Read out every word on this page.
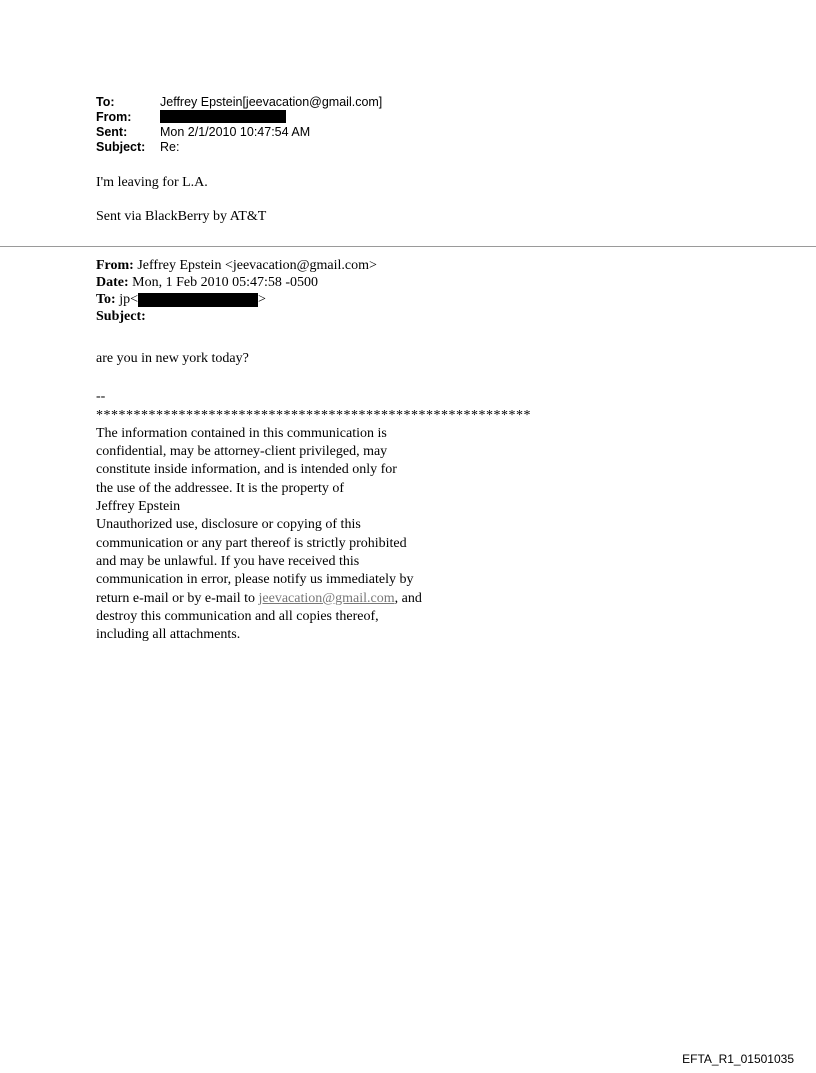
To:	Jeffrey Epstein[jeevacation@gmail.com]
From:
Sent:	Mon 2/1/2010 10:47:54 AM
Subject:	Re:

I'm leaving for L.A.

Sent via BlackBerry by AT&T

From: Jeffrey Epstein <jeevacation@gmail.com>
Date: Mon, 1 Feb 2010 05:47:58 -0500
To: jp<	>
Subject:

are you in new york today?

--

**********************************************************

The information contained in this communication is

confidential, may be attorney-client privileged, may

constitute inside information, and is intended only for

the use of the addressee. It is the property of

Jeffrey Epstein

Unauthorized use, disclosure or copying of this

communication or any part thereof is strictly prohibited

and may be unlawful. If you have received this

communication in error, please notify us immediately by

return e-mail or by e-mail to jeevacation@gmail.com, and

destroy this communication and all copies thereof,

including all attachments.

EFTA_R1_01501035
